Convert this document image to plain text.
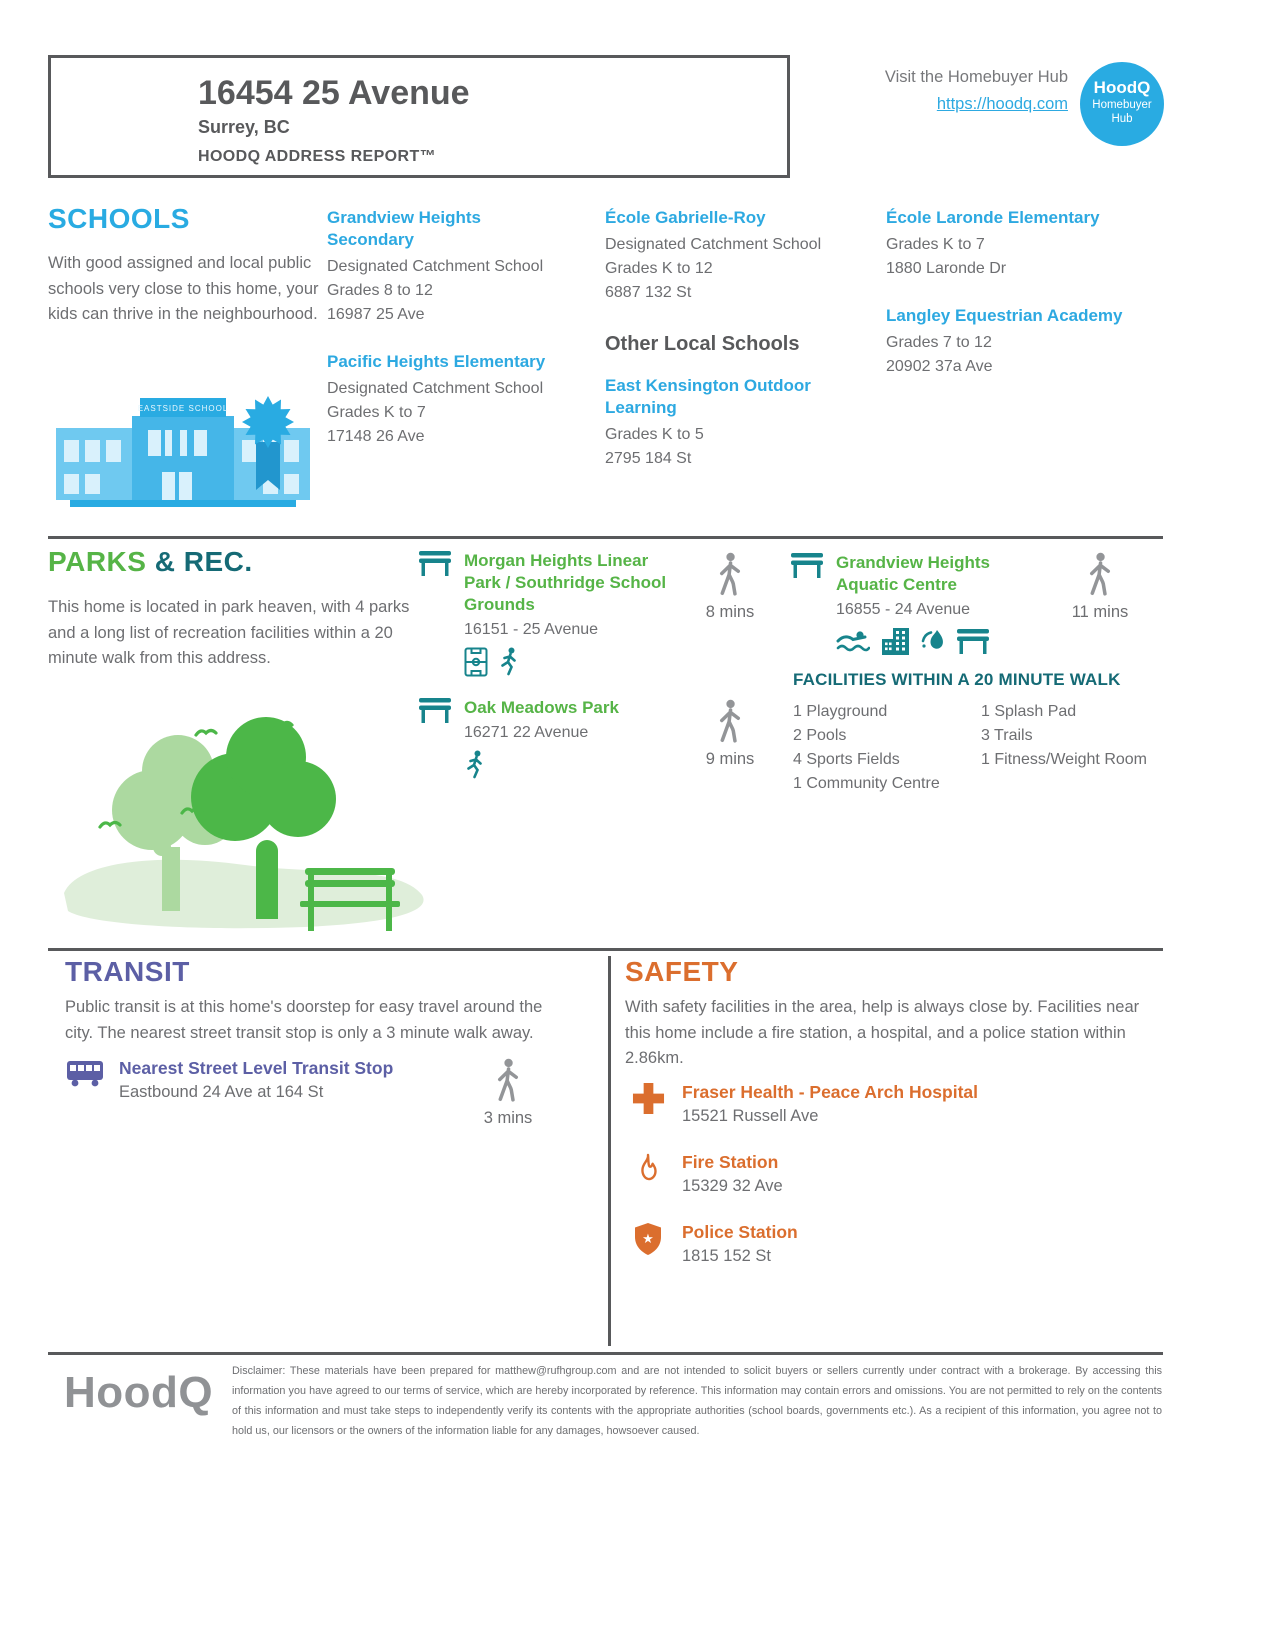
16454 25 Avenue
Surrey, BC
HOODQ ADDRESS REPORT™
Visit the Homebuyer Hub
https://hoodq.com
HoodQ
Homebuyer
Hub
SCHOOLS
With good assigned and local public schools very close to this home, your kids can thrive in the neighbourhood.
EASTSIDE SCHOOL
Grandview Heights Secondary
Designated Catchment School
Grades 8 to 12
16987 25 Ave
Pacific Heights Elementary
Designated Catchment School
Grades K to 7
17148 26 Ave
École Gabrielle-Roy
Designated Catchment School
Grades K to 12
6887 132 St
Other Local Schools
East Kensington Outdoor Learning
Grades K to 5
2795 184 St
École Laronde Elementary
Grades K to 7
1880 Laronde Dr
Langley Equestrian Academy
Grades 7 to 12
20902 37a Ave
PARKS & REC.
This home is located in park heaven, with 4 parks and a long list of recreation facilities within a 20 minute walk from this address.
Morgan Heights Linear Park / Southridge School Grounds
16151 - 25 Avenue
8 mins
Grandview Heights Aquatic Centre
16855 - 24 Avenue	11 mins
FACILITIES WITHIN A 20 MINUTE WALK
1 Playground
2 Pools
4 Sports Fields
1 Community Centre
1 Splash Pad
3 Trails
1 Fitness/Weight Room
Oak Meadows Park
16271 22 Avenue
9 mins
TRANSIT
Public transit is at this home's doorstep for easy travel around the city. The nearest street transit stop is only a 3 minute walk away.
Nearest Street Level Transit Stop
Eastbound 24 Ave at 164 St
3 mins
SAFETY
With safety facilities in the area, help is always close by. Facilities near this home include a fire station, a hospital, and a police station within 2.86km.
Fraser Health - Peace Arch Hospital
15521 Russell Ave
Fire Station
15329 32 Ave
★ Police Station
1815 152 St
HoodQ Disclaimer: These materials have been prepared for matthew@rufhgroup.com and are not intended to solicit buyers or sellers currently under contract with a brokerage. By accessing this information you have agreed to our terms of service, which are hereby incorporated by reference. This information may contain errors and omissions. You are not permitted to rely on the contents of this information and must take steps to independently verify its contents with the appropriate authorities (school boards, governments etc.). As a recipient of this information, you agree not to hold us, our licensors or the owners of the information liable for any damages, howsoever caused.
